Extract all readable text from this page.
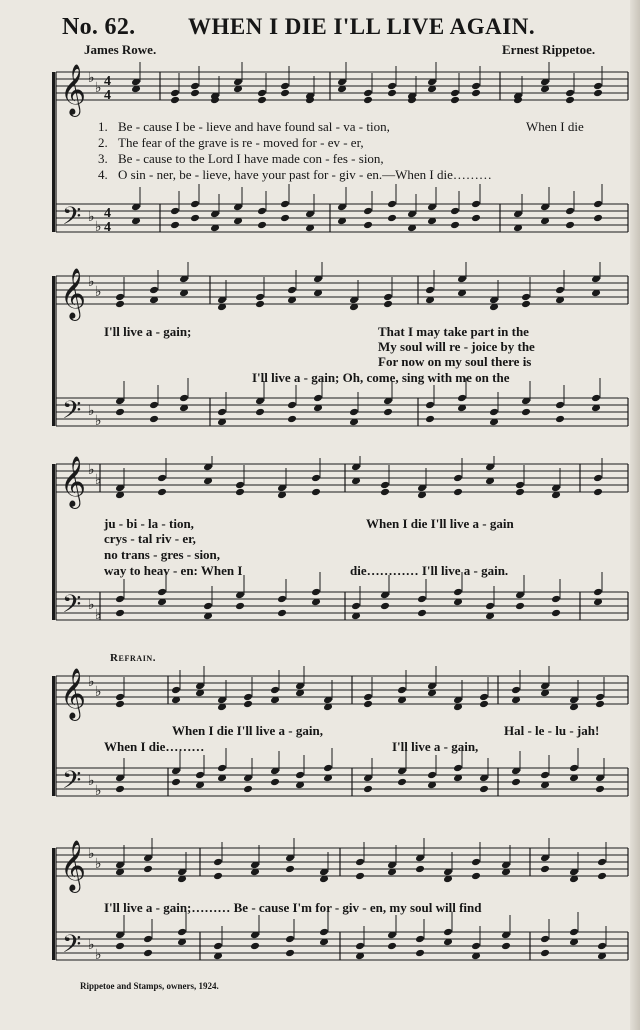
No. 62. WHEN I DIE I'LL LIVE AGAIN.
James Rowe.	Ernest Rippetoe.
𝄞
𝄢
♭
♭
♭
♭
4
4
4
4
1. Be - cause I be - lieve and have found sal - va - tion,
2. The fear of the grave is re - moved for - ev - er,
3. Be - cause to the Lord I have made con - fes - sion,
4. O sin - ner, be - lieve, have your past for - giv - en.—When I die………
When I die
𝄞
𝄢
♭
♭
♭
♭
I'll live a - gain;	That I may take part in the
My soul will re - joice by the
For now on my soul there is
I'll live a - gain; Oh, come, sing with me on the
𝄞
𝄢
♭
♭
♭
♭
ju - bi - la - tion,	When I die I'll live a - gain
crys - tal riv - er,
no trans - gres - sion,
way to heav - en: When I	die………… I'll live a - gain.
Refrain.
𝄞
𝄢
♭
♭
♭
♭
When I die I'll live a - gain,	Hal - le - lu - jah!
When I die………	I'll live a - gain,
𝄞
𝄢
♭
♭
♭
♭
I'll live a - gain;……… Be - cause I'm for - giv - en, my soul will find
Rippetoe and Stamps, owners, 1924.
